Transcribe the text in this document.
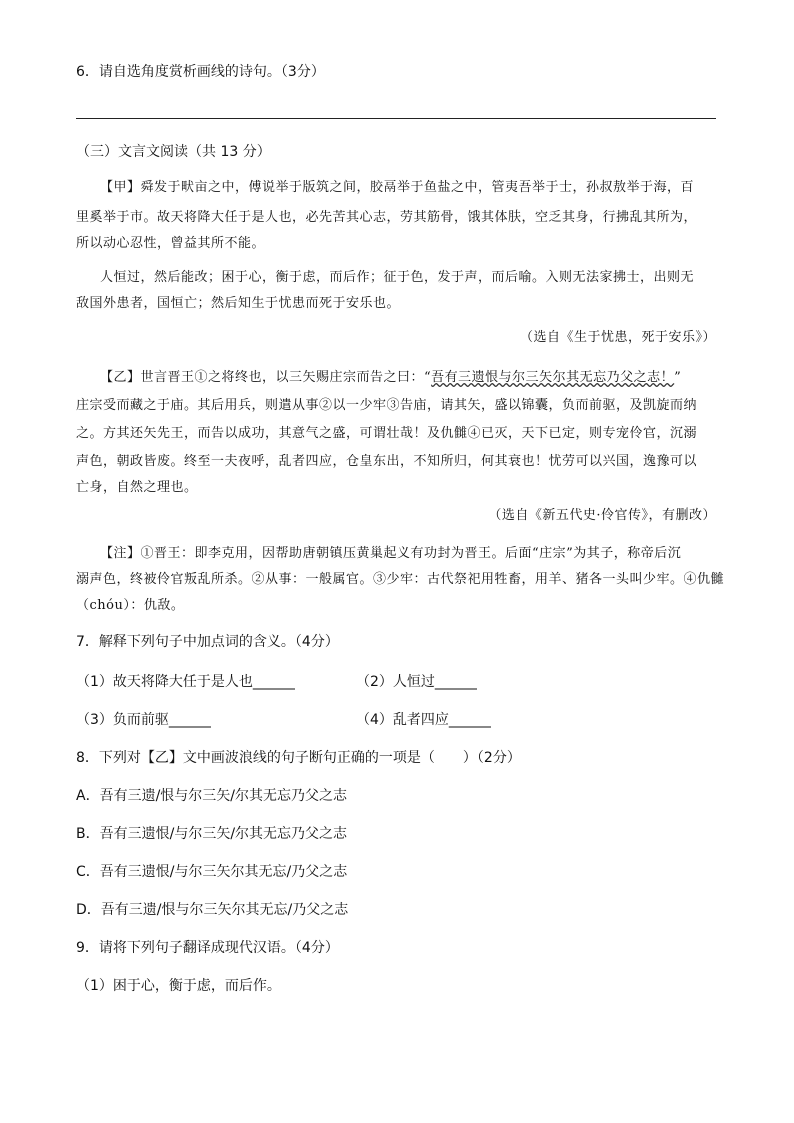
6．请自选角度赏析画线的诗句。（3分）
（三）文言文阅读（共 13 分）
【甲】舜发于畎亩之中，傅说举于版筑之间，胶鬲举于鱼盐之中，管夷吾举于士，孙叔敖举于海，百
里奚举于市。故天将降大任于是人也，必先苦其心志，劳其筋骨，饿其体肤，空乏其身，行拂乱其所为，
所以动心忍性，曾益其所不能。
人恒过，然后能改；困于心，衡于虑，而后作；征于色，发于声，而后喻。入则无法家拂士，出则无
敌国外患者，国恒亡；然后知生于忧患而死于安乐也。
（选自《生于忧患，死于安乐》）
【乙】世言晋王①之将终也，以三矢赐庄宗而告之曰：“吾有三遗恨与尔三矢尔其无忘乃父之志！”
庄宗受而藏之于庙。其后用兵，则遣从事②以一少牢③告庙，请其矢，盛以锦囊，负而前驱，及凯旋而纳
之。方其还矢先王，而告以成功，其意气之盛，可谓壮哉！及仇雠④已灭，天下已定，则专宠伶官，沉溺
声色，朝政皆废。终至一夫夜呼，乱者四应，仓皇东出，不知所归，何其衰也！忧劳可以兴国，逸豫可以
亡身，自然之理也。
（选自《新五代史·伶官传》，有删改）
【注】①晋王：即李克用，因帮助唐朝镇压黄巢起义有功封为晋王。后面“庄宗”为其子，称帝后沉
溺声色，终被伶官叛乱所杀。②从事：一般属官。③少牢：古代祭祀用牲畜，用羊、猪各一头叫少牢。④仇雠
（chóu）：仇敌。
7．解释下列句子中加点词的含义。（4分）
（1）故天将降大任于是人也______	（2）人恒过______
（3）负而前驱______	（4）乱者四应______
8．下列对【乙】文中画波浪线的句子断句正确的一项是（　　）（2分）
A．吾有三遗/恨与尔三矢/尔其无忘乃父之志
B．吾有三遗恨/与尔三矢/尔其无忘乃父之志
C．吾有三遗恨/与尔三矢尔其无忘/乃父之志
D．吾有三遗/恨与尔三矢尔其无忘/乃父之志
9．请将下列句子翻译成现代汉语。（4分）
（1）困于心，衡于虑，而后作。
